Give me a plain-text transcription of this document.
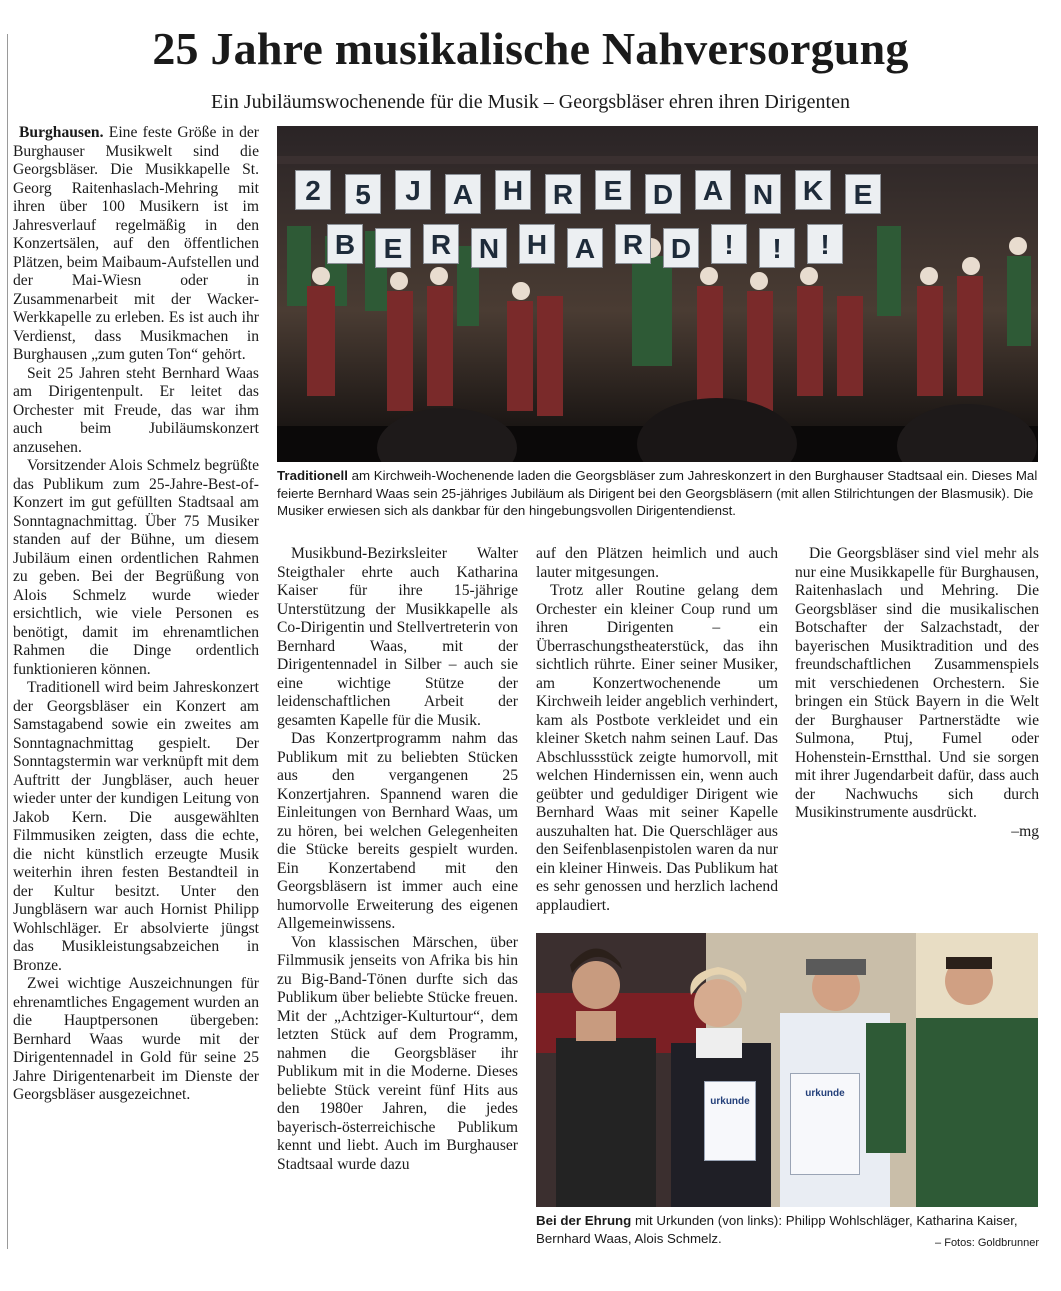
25 Jahre musikalische Nahversorgung
Ein Jubiläumswochenende für die Musik – Georgsbläser ehren ihren Dirigenten

Burghausen. Eine feste Größe in der Burghauser Musikwelt sind die Georgsbläser. Die Musikkapelle St. Georg Raitenhaslach-Mehring mit ihren über 100 Musikern ist im Jahresverlauf regelmäßig in den Konzertsälen, auf den öffentlichen Plätzen, beim Maibaum-Aufstellen und der Mai-Wiesn oder in Zusammenarbeit mit der Wacker-Werkkapelle zu erleben. Es ist auch ihr Verdienst, dass Musikmachen in Burghausen „zum guten Ton“ gehört.

Seit 25 Jahren steht Bernhard Waas am Dirigentenpult. Er leitet das Orchester mit Freude, das war ihm auch beim Jubiläumskonzert anzusehen.

Vorsitzender Alois Schmelz begrüßte das Publikum zum 25-Jahre-Best-of-Konzert im gut gefüllten Stadtsaal am Sonntagnachmittag. Über 75 Musiker standen auf der Bühne, um diesem Jubiläum einen ordentlichen Rahmen zu geben. Bei der Begrüßung von Alois Schmelz wurde wieder ersichtlich, wie viele Personen es benötigt, damit im ehrenamtlichen Rahmen die Dinge ordentlich funktionieren können.

Traditionell wird beim Jahreskonzert der Georgsbläser ein Konzert am Samstagabend sowie ein zweites am Sonntagnachmittag gespielt. Der Sonntagstermin war verknüpft mit dem Auftritt der Jungbläser, auch heuer wieder unter der kundigen Leitung von Jakob Kern. Die ausgewählten Filmmusiken zeigten, dass die echte, die nicht künstlich erzeugte Musik weiterhin ihren festen Bestandteil in der Kultur besitzt. Unter den Jungbläsern war auch Hornist Philipp Wohlschläger. Er absolvierte jüngst das Musikleistungsabzeichen in Bronze.

Zwei wichtige Auszeichnungen für ehrenamtliches Engagement wurden an die Hauptpersonen übergeben: Bernhard Waas wurde mit der Dirigentennadel in Gold für seine 25 Jahre Dirigentenarbeit im Dienste der Georgsbläser ausgezeichnet.

2	5	J	A H R	E	D A N K	E
B	E	R N H A R D	!	!	!
Traditionell am Kirchweih-Wochenende laden die Georgsbläser zum Jahreskonzert in den Burghauser Stadtsaal ein. Dieses Mal feierte Bernhard Waas sein 25-jähriges Jubiläum als Dirigent bei den Georgsbläsern (mit allen Stilrichtungen der Blasmusik). Die Musiker erwiesen sich als dankbar für den hingebungsvollen Dirigentendienst.

Musikbund-Bezirksleiter Walter Steigthaler ehrte auch Katharina Kaiser für ihre 15-jährige Unterstützung der Musikkapelle als Co-Dirigentin und Stellvertreterin von Bernhard Waas, mit der Dirigentennadel in Silber – auch sie eine wichtige Stütze der leidenschaftlichen Arbeit der gesamten Kapelle für die Musik.

Das Konzertprogramm nahm das Publikum mit zu beliebten Stücken aus den vergangenen 25 Konzertjahren. Spannend waren die Einleitungen von Bernhard Waas, um zu hören, bei welchen Gelegenheiten die Stücke bereits gespielt wurden. Ein Konzertabend mit den Georgsbläsern ist immer auch eine humorvolle Erweiterung des eigenen Allgemeinwissens.

Von klassischen Märschen, über Filmmusik jenseits von Afrika bis hin zu Big-Band-Tönen durfte sich das Publikum über beliebte Stücke freuen. Mit der „Achtziger-Kulturtour“, dem letzten Stück auf dem Programm, nahmen die Georgsbläser ihr Publikum mit in die Moderne. Dieses beliebte Stück vereint fünf Hits aus den 1980er Jahren, die jedes bayerisch-österreichische Publikum kennt und liebt. Auch im Burghauser Stadtsaal wurde dazu

auf den Plätzen heimlich und auch lauter mitgesungen.

Trotz aller Routine gelang dem Orchester ein kleiner Coup rund um ihren Dirigenten – ein Überraschungstheaterstück, das ihn sichtlich rührte. Einer seiner Musiker, am Konzertwochenende um Kirchweih leider angeblich verhindert, kam als Postbote verkleidet und ein kleiner Sketch nahm seinen Lauf. Das Abschlussstück zeigte humorvoll, mit welchen Hindernissen ein, wenn auch geübter und geduldiger Dirigent wie Bernhard Waas mit seiner Kapelle auszuhalten hat. Die Querschläger aus den Seifenblasenpistolen waren da nur ein kleiner Hinweis. Das Publikum hat es sehr genossen und herzlich lachend applaudiert.

Die Georgsbläser sind viel mehr als nur eine Musikkapelle für Burghausen, Raitenhaslach und Mehring. Die Georgsbläser sind die musikalischen Botschafter der Salzachstadt, der bayerischen Musiktradition und des freundschaftlichen Zusammenspiels mit verschiedenen Orchestern. Sie bringen ein Stück Bayern in die Welt der Burghauser Partnerstädte wie Sulmona, Ptuj, Fumel oder Hohenstein-Ernstthal. Und sie sorgen mit ihrer Jugendarbeit dafür, dass auch der Nachwuchs sich durch Musikinstrumente ausdrückt.

–mg
urkunde
urkunde
Bei der Ehrung mit Urkunden (von links): Philipp Wohlschläger, Katharina Kaiser, Bernhard Waas, Alois Schmelz.	– Fotos: Goldbrunner
